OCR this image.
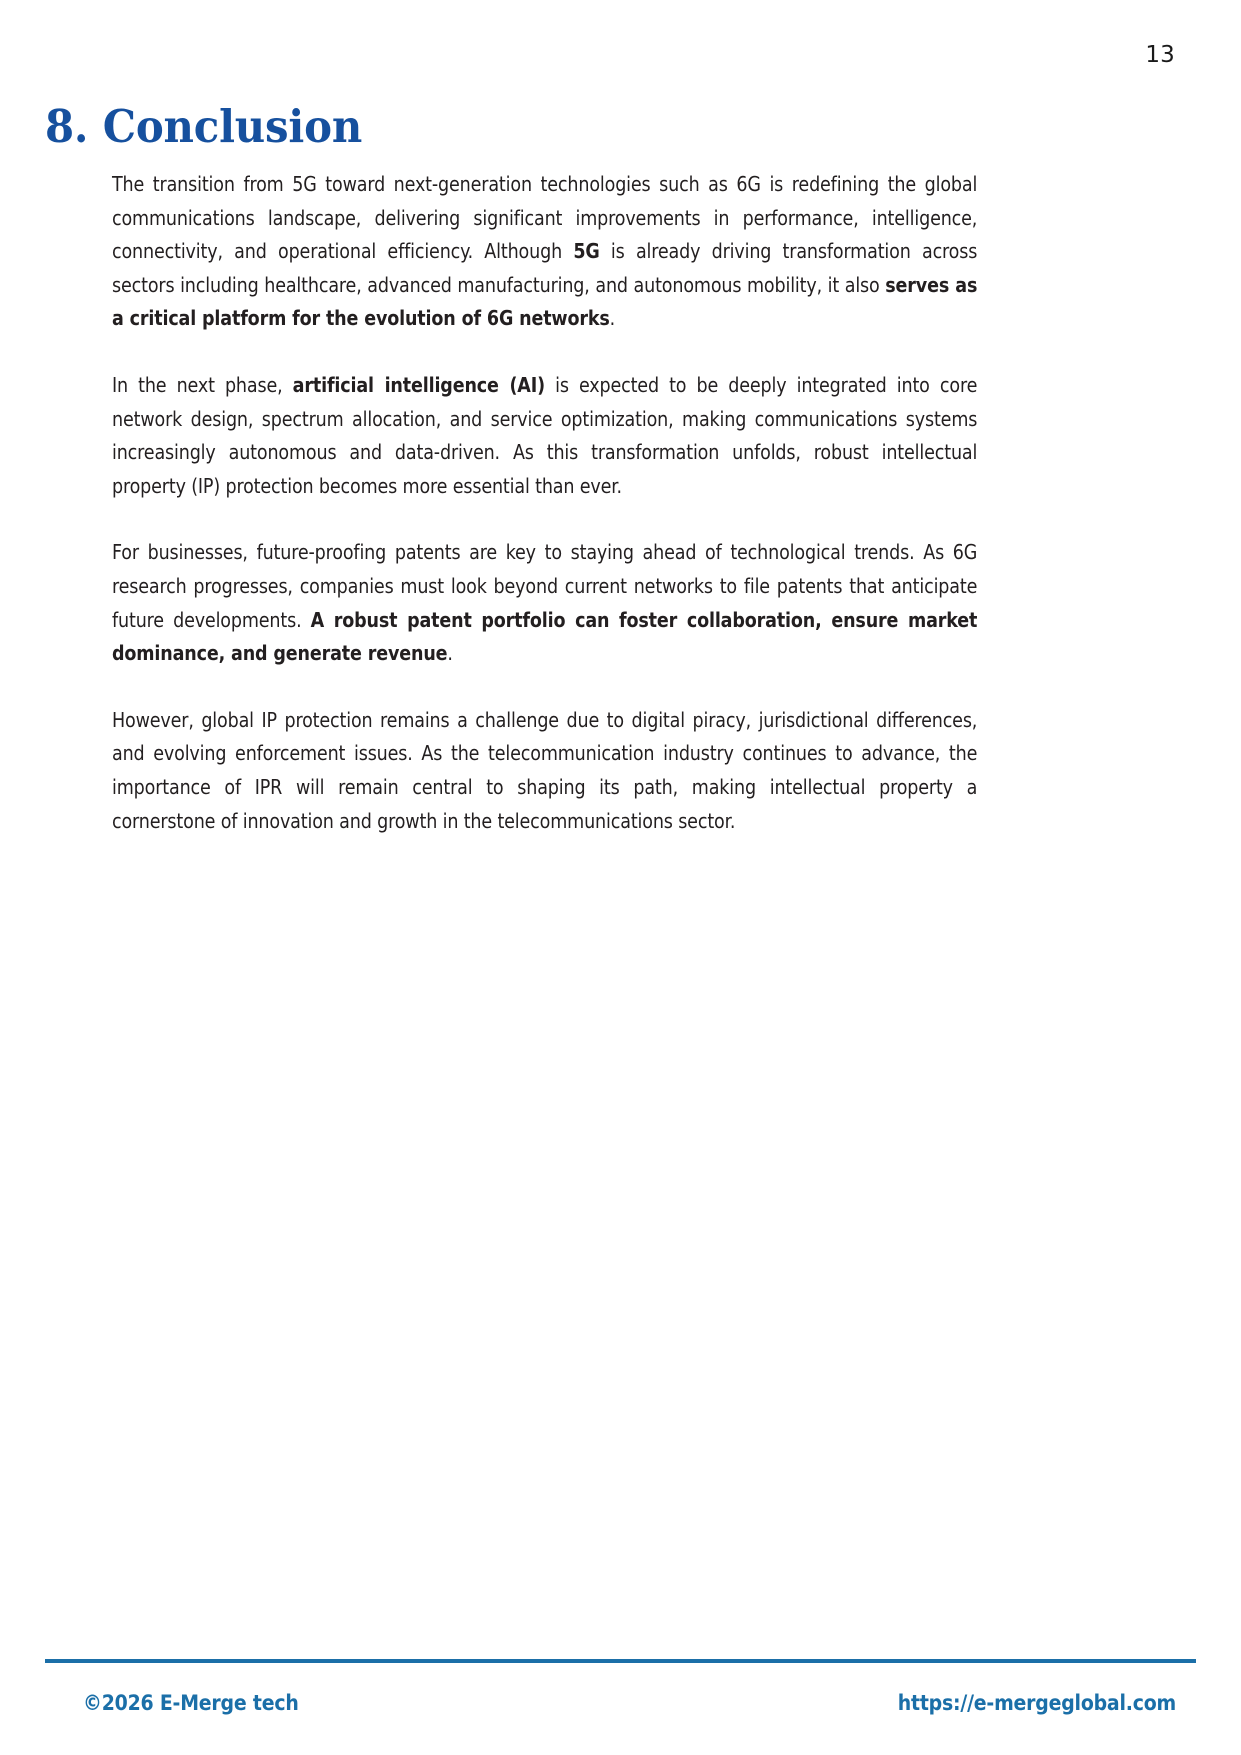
13
8. Conclusion

The transition from 5G toward next-generation technologies such as 6G is redefining the global communications landscape, delivering significant improvements in performance, intelligence, connectivity, and operational efficiency. Although 5G is already driving transformation across sectors including healthcare, advanced manufacturing, and autonomous mobility, it also serves as a critical platform for the evolution of 6G networks.

In the next phase, artificial intelligence (AI) is expected to be deeply integrated into core network design, spectrum allocation, and service optimization, making communications systems increasingly autonomous and data-driven. As this transformation unfolds, robust intellectual property (IP) protection becomes more essential than ever.

For businesses, future-proofing patents are key to staying ahead of technological trends. As 6G research progresses, companies must look beyond current networks to file patents that anticipate future developments. A robust patent portfolio can foster collaboration, ensure market dominance, and generate revenue.

However, global IP protection remains a challenge due to digital piracy, jurisdictional differences, and evolving enforcement issues. As the telecommunication industry continues to advance, the importance of IPR will remain central to shaping its path, making intellectual property a cornerstone of innovation and growth in the telecommunications sector.

©2026 E-Merge tech	https://e-mergeglobal.com
